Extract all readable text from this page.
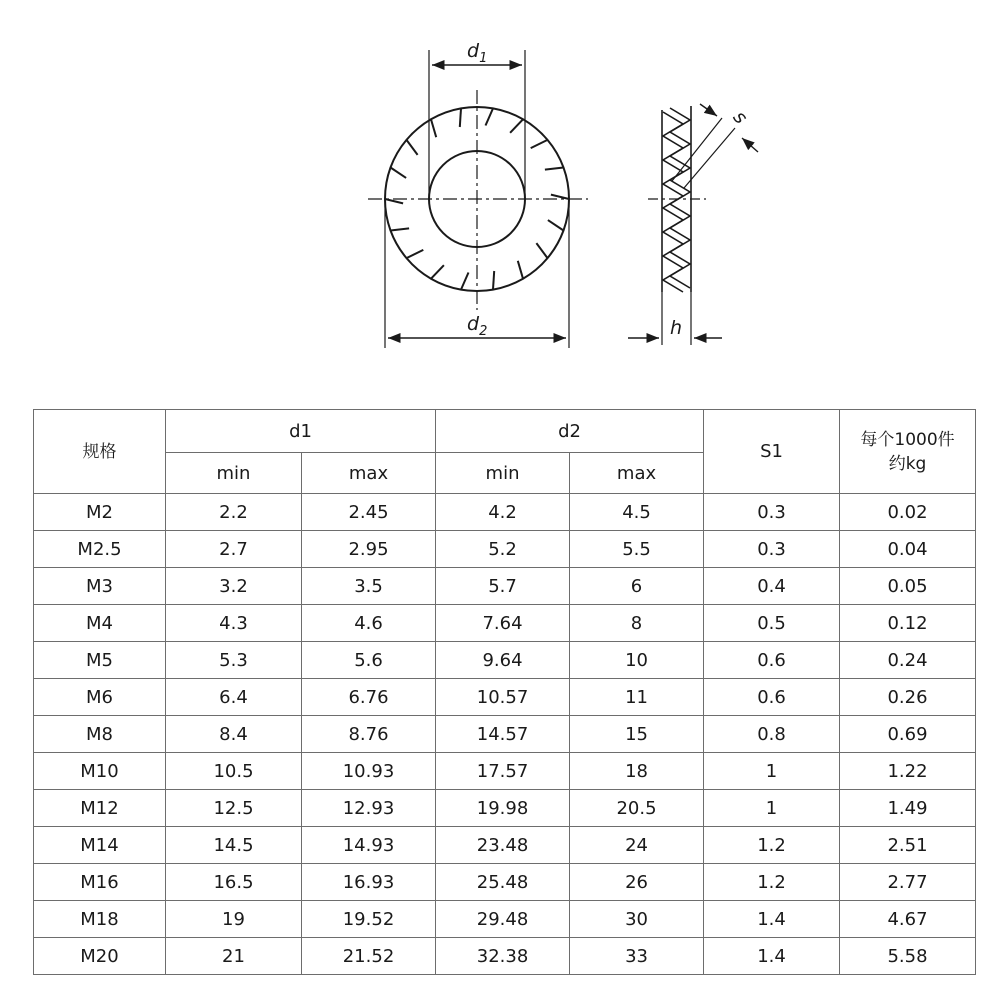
$d_1$
$d_2$
s
h
规格	d1		d2		S1	每个1000件
约kg

	min	max	min	max		
M2	2.2	2.45	4.2	4.5	0.3	0.02
M2.5	2.7	2.95	5.2	5.5	0.3	0.04
M3	3.2	3.5	5.7	6	0.4	0.05
M4	4.3	4.6	7.64	8	0.5	0.12
M5	5.3	5.6	9.64	10	0.6	0.24
M6	6.4	6.76	10.57	11	0.6	0.26
M8	8.4	8.76	14.57	15	0.8	0.69
M10	10.5	10.93	17.57	18	1	1.22
M12	12.5	12.93	19.98	20.5	1	1.49
M14	14.5	14.93	23.48	24	1.2	2.51
M16	16.5	16.93	25.48	26	1.2	2.77
M18	19	19.52	29.48	30	1.4	4.67
M20	21	21.52	32.38	33	1.4	5.58
